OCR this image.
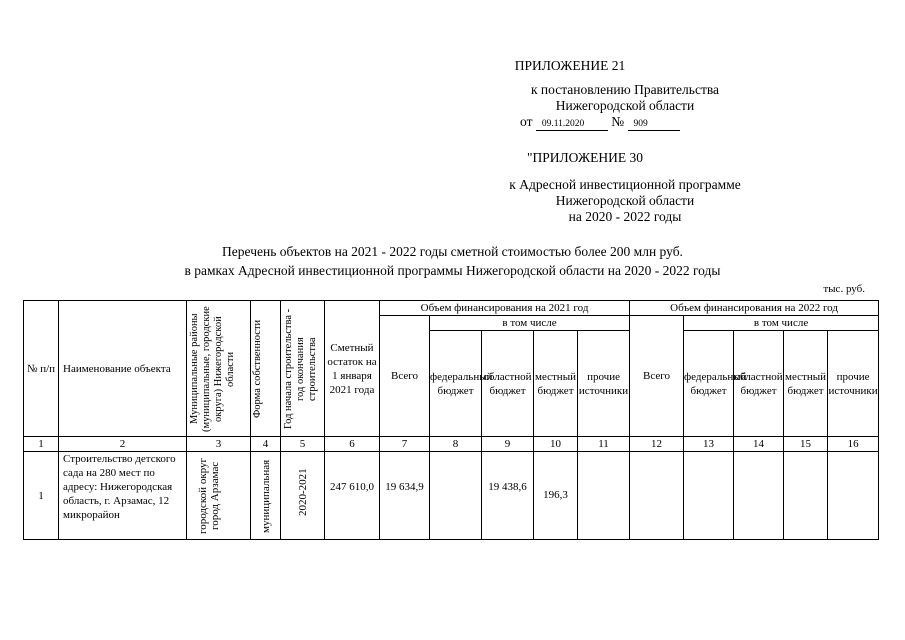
ПРИЛОЖЕНИЕ 21
к постановлению Правительства
Нижегородской области
от 09.11.2020 № 909
"ПРИЛОЖЕНИЕ 30
к Адресной инвестиционной программе
Нижегородской области
на 2020 - 2022 годы
Перечень объектов на 2021 - 2022 годы сметной стоимостью более 200 млн руб.
в рамках Адресной инвестиционной программы Нижегородской области на 2020 - 2022 годы
тыс. руб.
№ п/п	Наименование объекта	Муниципальные районы (муниципальные, городские округа) Нижегородской области	Форма собственности	Год начала строительства - год окончания строительства	Сметный остаток на 1 января 2021 года	Объем финансирования на 2021 год					Объем финансирования на 2022 год				
						Всего	в том числе				Всего	в том числе			
							федеральный бюджет	областной бюджет	местный бюджет	прочие источники		федеральный бюджет	областной бюджет	местный бюджет	прочие источники
1	2	3	4	5	6	7	8	9	10	11	12	13	14	15	16
1	Строительство детского сада на 280 мест по адресу: Нижегородская область, г. Арзамас, 12 микрорайон	городской округ город Арзамас	муниципальная	2020-2021	247 610,0	19 634,9		19 438,6	196,3						
